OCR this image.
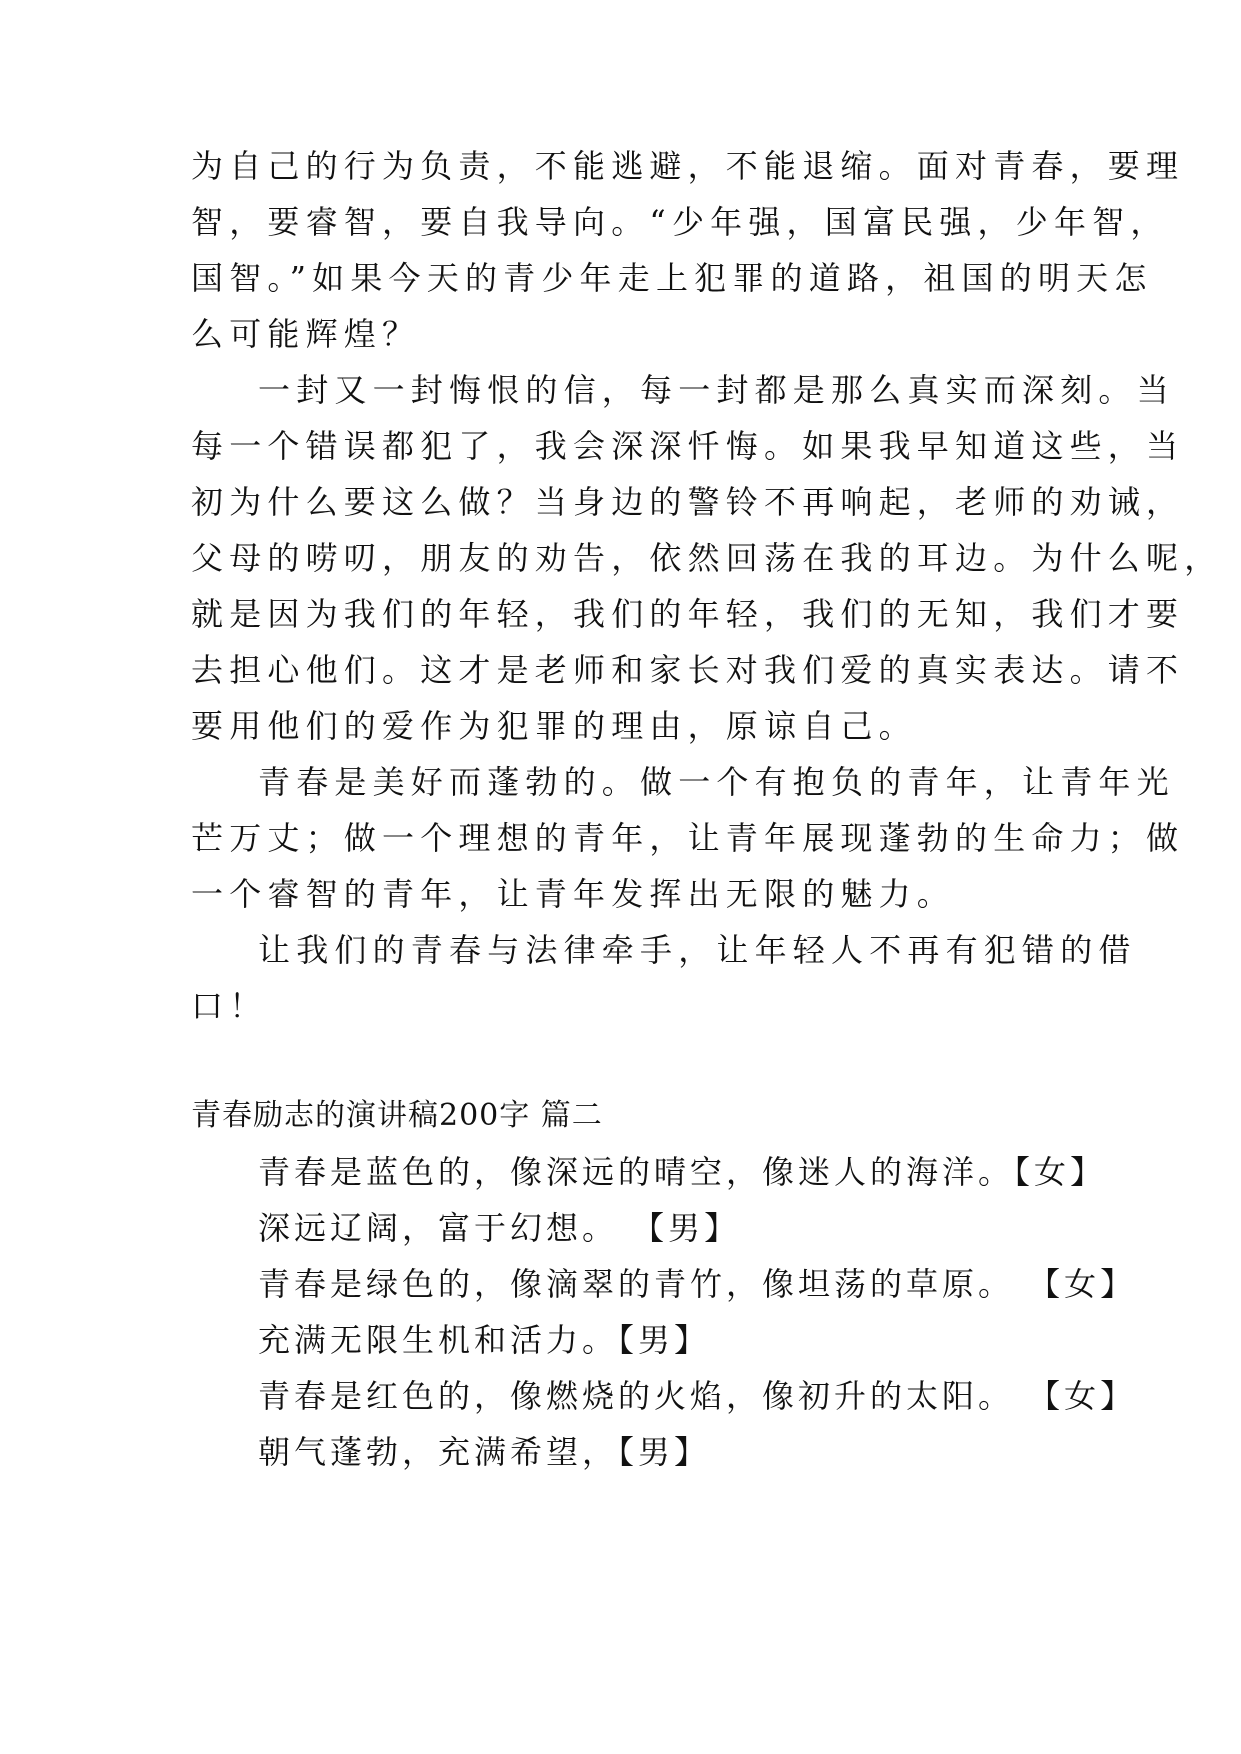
为自己的行为负责，不能逃避，不能退缩。面对青春，要理
智，要睿智，要自我导向。“少年强，国富民强，少年智，
国智。”如果今天的青少年走上犯罪的道路，祖国的明天怎
么可能辉煌？
一封又一封悔恨的信，每一封都是那么真实而深刻。当
每一个错误都犯了，我会深深忏悔。如果我早知道这些，当
初为什么要这么做？当身边的警铃不再响起，老师的劝诫，
父母的唠叨，朋友的劝告，依然回荡在我的耳边。为什么呢，
就是因为我们的年轻，我们的年轻，我们的无知，我们才要
去担心他们。这才是老师和家长对我们爱的真实表达。请不
要用他们的爱作为犯罪的理由，原谅自己。
青春是美好而蓬勃的。做一个有抱负的青年，让青年光
芒万丈；做一个理想的青年，让青年展现蓬勃的生命力；做
一个睿智的青年，让青年发挥出无限的魅力。
让我们的青春与法律牵手，让年轻人不再有犯错的借
口！
青春励志的演讲稿200字 篇二
青春是蓝色的，像深远的晴空，像迷人的海洋。【女】
深远辽阔，富于幻想。 【男】
青春是绿色的，像滴翠的青竹，像坦荡的草原。 【女】
充满无限生机和活力。【男】
青春是红色的，像燃烧的火焰，像初升的太阳。 【女】
朝气蓬勃，充满希望，【男】
